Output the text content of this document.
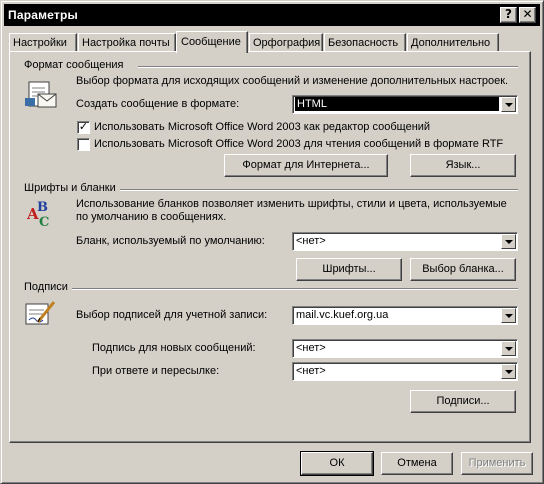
Параметры	? ✕
Настройки	Настройка почты	Сообщение	Орфография Безопасность	Дополнительно
Формат сообщения
Выбор формата для исходящих сообщений и изменение дополнительных настроек.
Создать сообщение в формате:	HTML
✓ Использовать Microsoft Office Word 2003 как редактор сообщений
Использовать Microsoft Office Word 2003 для чтения сообщений в формате RTF
Формат для Интернета...	Язык...
Шрифты и бланки
A
B
C
Использование бланков позволяет изменить шрифты, стили и цвета, используемые
по умолчанию в сообщениях.
Бланк, используемый по умолчанию:	<нет>
Шрифты...	Выбор бланка...
Подписи
Выбор подписей для учетной записи:	mail.vc.kuef.org.ua
Подпись для новых сообщений:	<нет>
При ответе и пересылке:	<нет>
Подписи...
ОК	Отмена	Применить
